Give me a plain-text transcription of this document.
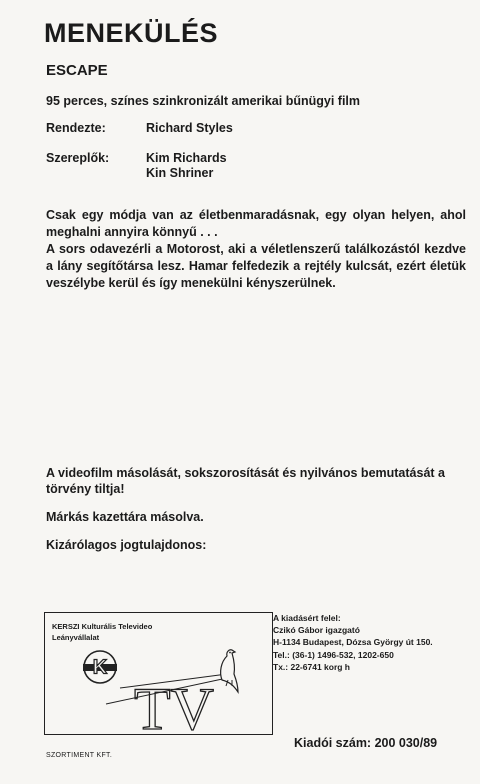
MENEKÜLÉS
ESCAPE
95 perces, színes szinkronizált amerikai bűnügyi film
Rendezte:	Richard Styles
Szereplők:	Kim Richards
Kin Shriner

Csak egy módja van az életbenmaradásnak, egy olyan helyen, ahol meghalni annyira könnyű . . .

A sors odavezérli a Motorost, aki a véletlenszerű találkozástól kezdve a lány segítőtársa lesz. Hamar felfedezik a rejtély kulcsát, ezért életük veszélybe kerül és így menekülni kényszerülnek.

A videofilm másolását, sokszorosítását és nyilvános bemutatását a törvény tiltja!

Márkás kazettára másolva.

Kizárólagos jogtulajdonos:

KERSZI Kulturális Televideo
Leányvállalat
K
TV
SZORTIMENT KFT.
A kiadásért felel:
Czikó Gábor igazgató
H-1134 Budapest, Dózsa György út 150.
Tel.: (36-1) 1496-532, 1202-650
Tx.: 22-6741 korg h
Kiadói szám: 200 030/89
